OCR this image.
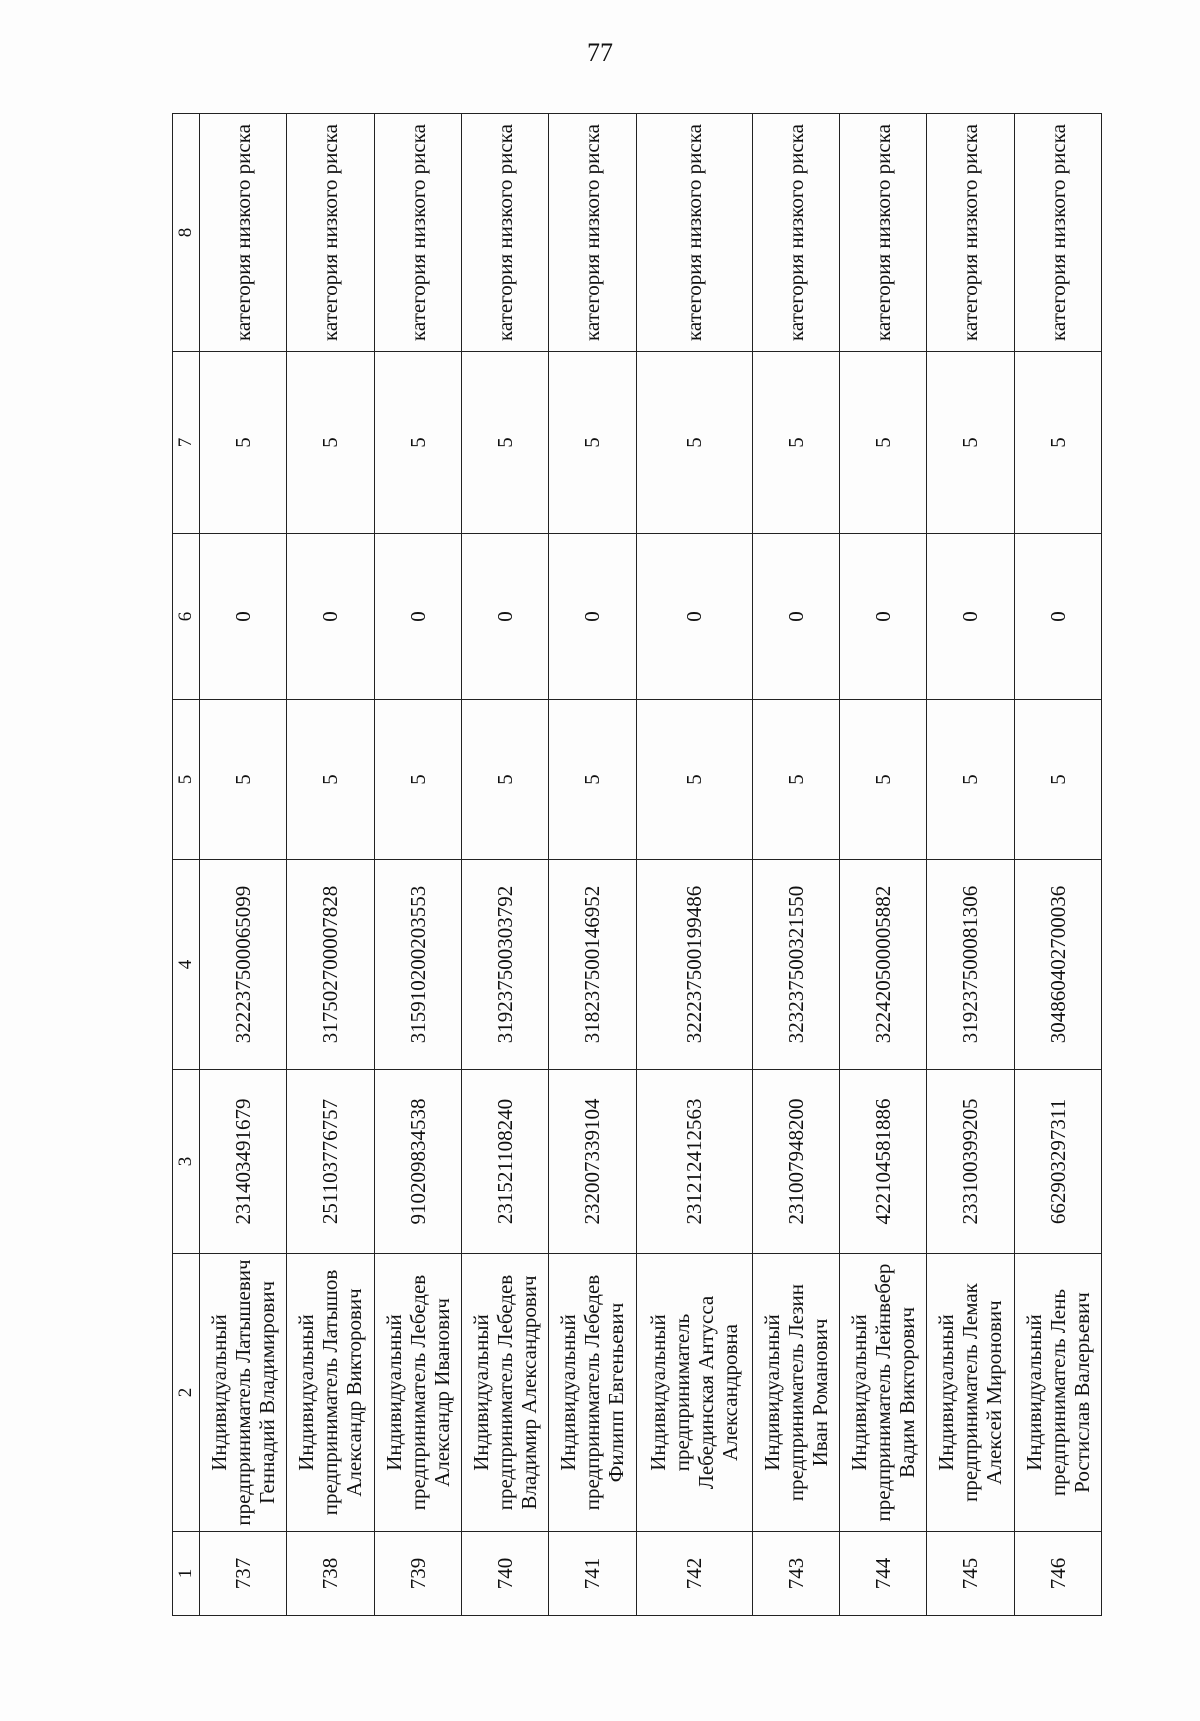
77
1	2	3	4	5	6	7	8
737	Индивидуальный предприниматель Латышевич Геннадий Владимирович	231403491679	322237500065099	5	0	5	категория низкого риска
738	Индивидуальный предприниматель Латышов Александр Викторович	251103776757	317502700007828	5	0	5	категория низкого риска
739	Индивидуальный предприниматель Лебедев Александр Иванович	910209834538	315910200203553	5	0	5	категория низкого риска
740	Индивидуальный предприниматель Лебедев Владимир Александрович	231521108240	319237500303792	5	0	5	категория низкого риска
741	Индивидуальный предприниматель Лебедев Филипп Евгеньевич	232007339104	318237500146952	5	0	5	категория низкого риска
742	Индивидуальный предприниматель Лебединская Антусса Александровна	231212412563	322237500199486	5	0	5	категория низкого риска
743	Индивидуальный предприниматель Лезин Иван Романович	231007948200	323237500321550	5	0	5	категория низкого риска
744	Индивидуальный предприниматель Лейнвебер Вадим Викторович	422104581886	322420500005882	5	0	5	категория низкого риска
745	Индивидуальный предприниматель Лемак Алексей Миронович	233100399205	319237500081306	5	0	5	категория низкого риска
746	Индивидуальный предприниматель Лень Ростислав Валерьевич	662903297311	304860402700036	5	0	5	категория низкого риска
